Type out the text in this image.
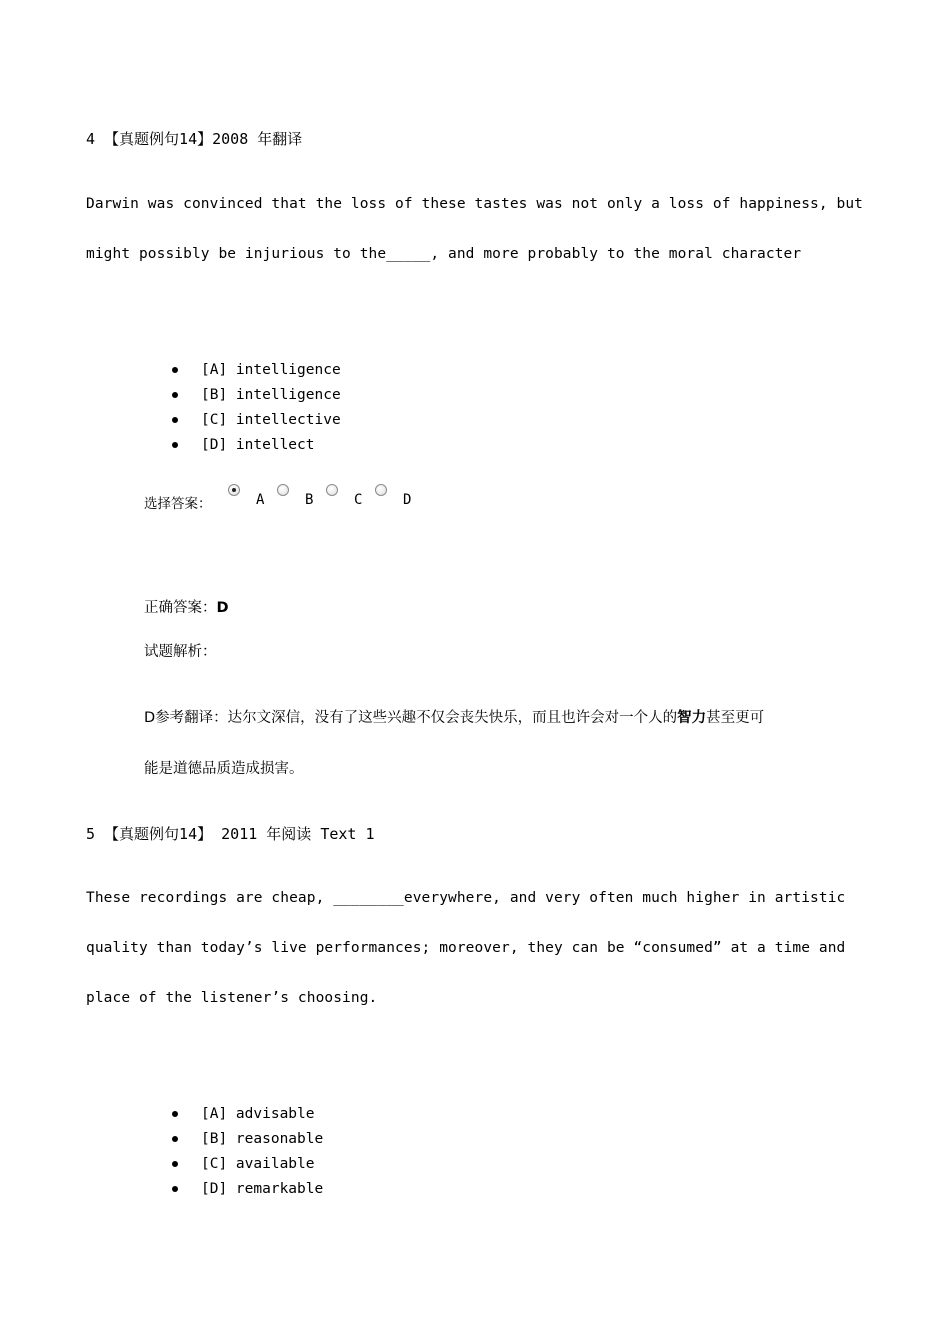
4 【真题例句14】2008 年翻译
Darwin was convinced that the loss of these tastes was not only a loss of happiness, but
might possibly be injurious to the_____, and more probably to the moral character
[A] intelligence
[B] intelligence
[C] intellective
[D] intellect
选择答案：	A	B	C	D
正确答案：D
试题解析：
D参考翻译：达尔文深信，没有了这些兴趣不仅会丧失快乐，而且也许会对一个人的智力甚至更可
能是道德品质造成损害。
5 【真题例句14】 2011 年阅读 Text 1
These recordings are cheap, ________everywhere, and very often much higher in artistic
quality than today’s live performances; moreover, they can be “consumed” at a time and
place of the listener’s choosing.
[A] advisable
[B] reasonable
[C] available
[D] remarkable
